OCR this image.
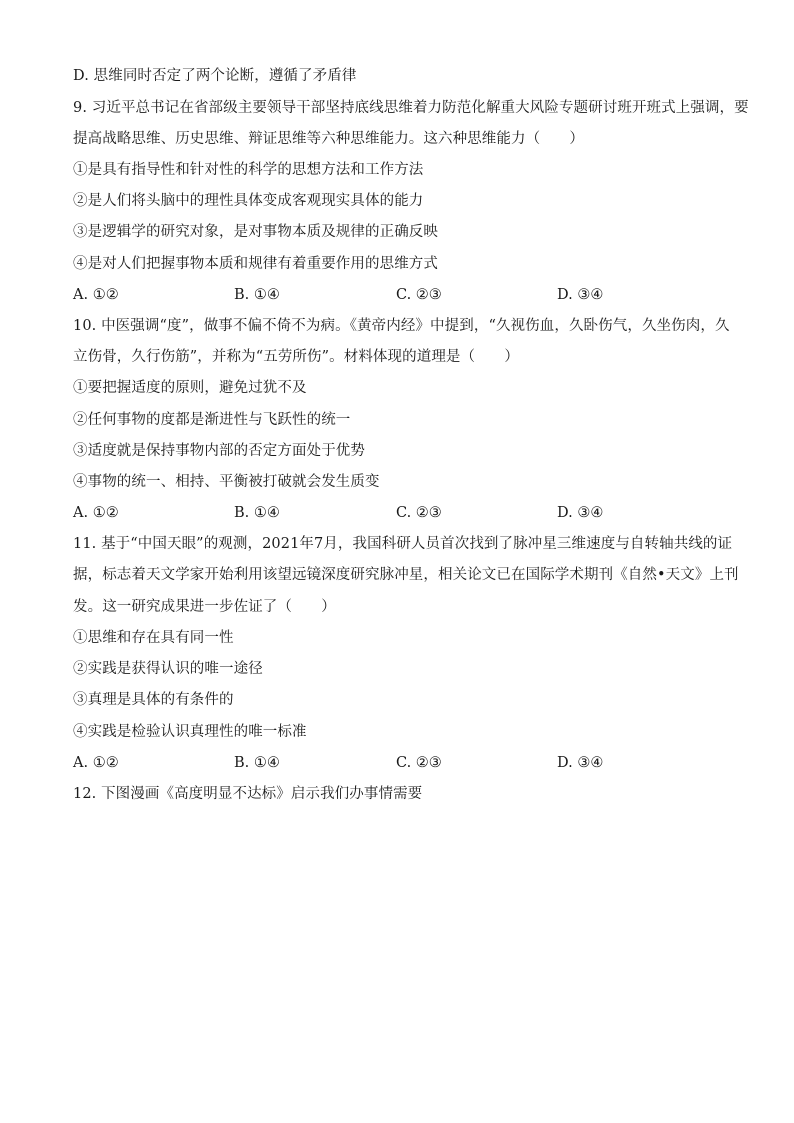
D. 思维同时否定了两个论断，遵循了矛盾律
9. 习近平总书记在省部级主要领导干部坚持底线思维着力防范化解重大风险专题研讨班开班式上强调，要
提高战略思维、历史思维、辩证思维等六种思维能力。这六种思维能力（　　）
①是具有指导性和针对性的科学的思想方法和工作方法
②是人们将头脑中的理性具体变成客观现实具体的能力
③是逻辑学的研究对象，是对事物本质及规律的正确反映
④是对人们把握事物本质和规律有着重要作用的思维方式
A. ①②	B. ①④	C. ②③	D. ③④
10. 中医强调“度”，做事不偏不倚不为病。《黄帝内经》中提到，“久视伤血，久卧伤气，久坐伤肉，久
立伤骨，久行伤筋”，并称为“五劳所伤”。材料体现的道理是（　　）
①要把握适度的原则，避免过犹不及
②任何事物的度都是渐进性与飞跃性的统一
③适度就是保持事物内部的否定方面处于优势
④事物的统一、相持、平衡被打破就会发生质变
A. ①②	B. ①④	C. ②③	D. ③④
11. 基于“中国天眼”的观测，2021年7月，我国科研人员首次找到了脉冲星三维速度与自转轴共线的证
据，标志着天文学家开始利用该望远镜深度研究脉冲星，相关论文已在国际学术期刊《自然•天文》上刊
发。这一研究成果进一步佐证了（　　）
①思维和存在具有同一性
②实践是获得认识的唯一途径
③真理是具体的有条件的
④实践是检验认识真理性的唯一标准
A. ①②	B. ①④	C. ②③	D. ③④
12. 下图漫画《高度明显不达标》启示我们办事情需要
